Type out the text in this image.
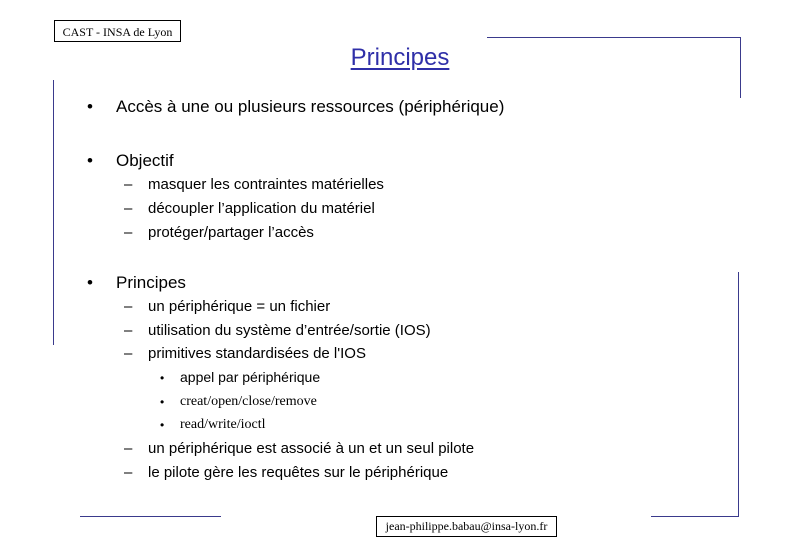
CAST - INSA de Lyon
Principes
• Accès à une ou plusieurs ressources (périphérique)
• Objectif
– masquer les contraintes matérielles
– découpler l’application du matériel
– protéger/partager l’accès
• Principes
– un périphérique = un fichier
– utilisation du système d’entrée/sortie (IOS)
– primitives standardisées de l'IOS
• appel par périphérique
• creat/open/close/remove
• read/write/ioctl
– un périphérique est associé à un et un seul pilote
– le pilote gère les requêtes sur le périphérique
jean-philippe.babau@insa-lyon.fr
